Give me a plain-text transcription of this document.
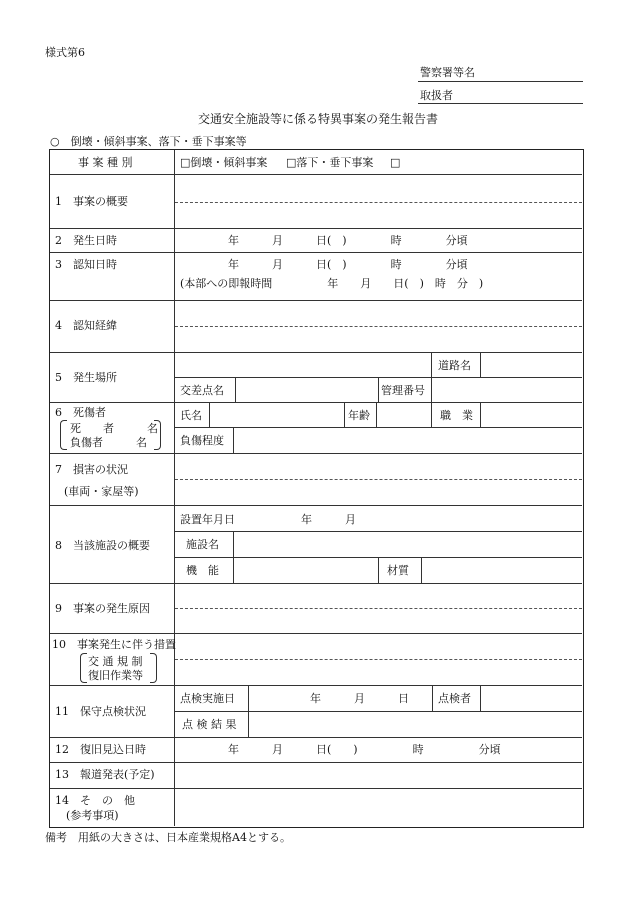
様式第6
警察署等名
取扱者
交通安全施設等に係る特異事案の発生報告書
○　倒壊・傾斜事案、落下・垂下事案等
事 案 種 別	□倒壊・傾斜事案 □落下・垂下事案 □
1　事案の概要
2　発生日時	年　　　月　　　日(　)　　　　時　　　　分頃
3　認知日時	年　　　月　　　日(　)　　　　時　　　　分頃
(本部への即報時間　　　　　年　　月　　日(　)　時　分　)
4　認知経緯
5　発生場所
道路名
交差点名	管理番号
6　死傷者
死　　者　　　名
負傷者　　　名
氏名	年齢	職　業
負傷程度
7　損害の状況
(車両・家屋等)
8　当該施設の概要
設置年月日　　　　　　年　　　月
施設名
機　能	材質
9　事案の発生原因
10　事案発生に伴う措置
交 通 規 制
復旧作業等
11　保守点検状況
点検実施日	年　　　月　　　日	点検者
点 検 結 果
12　復旧見込日時	年　　　月　　　日(　　)　　　　　時　　　　　分頃
13　報道発表(予定)
14　そ　の　他
(参考事項)
備考　用紙の大きさは、日本産業規格A4とする。
